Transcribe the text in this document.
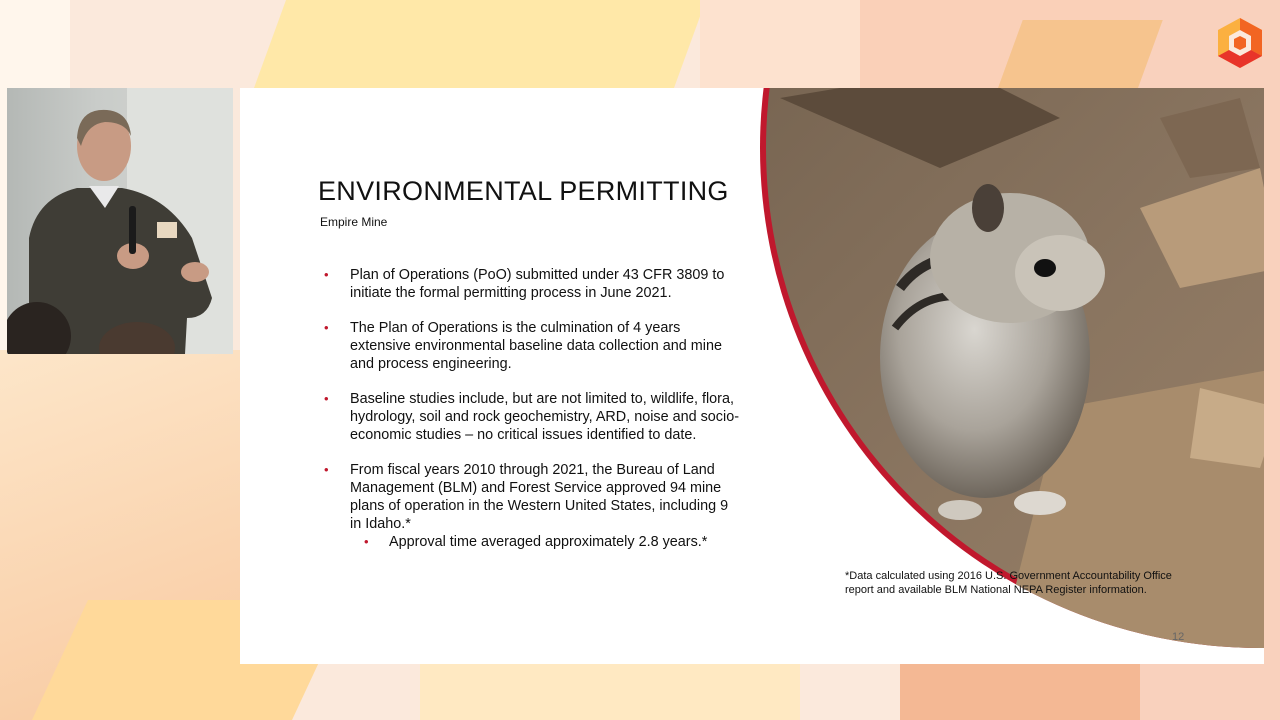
ENVIRONMENTAL PERMITTING
Empire Mine
• Plan of Operations (PoO) submitted under 43 CFR 3809 to initiate the formal permitting process in June 2021.
• The Plan of Operations is the culmination of 4 years extensive environmental baseline data collection and mine and process engineering.
• Baseline studies include, but are not limited to, wildlife, flora, hydrology, soil and rock geochemistry, ARD, noise and socio-economic studies – no critical issues identified to date.
• From fiscal years 2010 through 2021, the Bureau of Land Management (BLM) and Forest Service approved 94 mine plans of operation in the Western United States, including 9 in Idaho.*
• Approval time averaged approximately 2.8 years.*
*Data calculated using 2016 U.S. Government Accountability Office report and available BLM National NEPA Register information.
12
